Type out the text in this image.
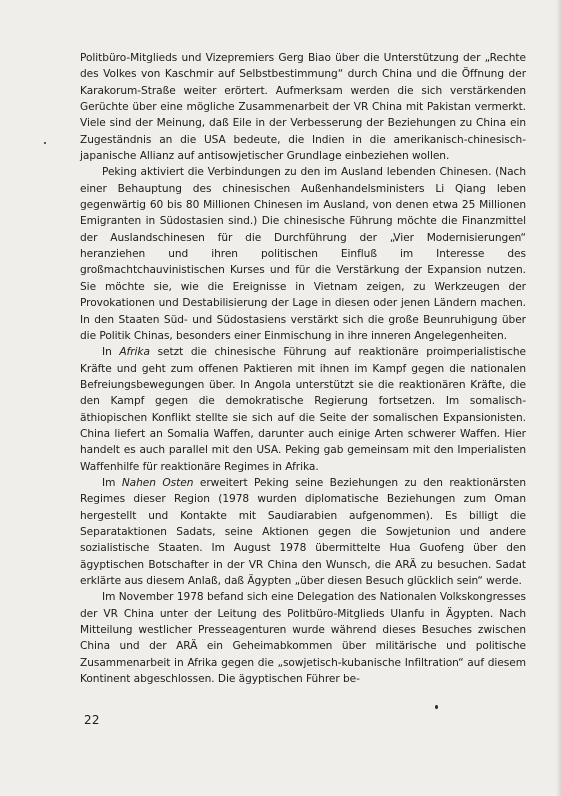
Politbüro-Mitglieds und Vizepremiers Gerg Biao über die Unterstützung der „Rechte des Volkes von Kaschmir auf Selbstbestimmung“ durch China und die Öffnung der Karakorum-Straße weiter erörtert. Aufmerksam werden die sich verstärkenden Gerüchte über eine mögliche Zusammenarbeit der VR China mit Pakistan vermerkt. Viele sind der Meinung, daß Eile in der Verbesserung der Beziehungen zu China ein Zugeständnis an die USA bedeute, die Indien in die amerikanisch-chinesisch-japanische Allianz auf antisowjetischer Grundlage einbeziehen wollen.

Peking aktiviert die Verbindungen zu den im Ausland lebenden Chinesen. (Nach einer Behauptung des chinesischen Außenhandelsministers Li Qiang leben gegenwärtig 60 bis 80 Millionen Chinesen im Ausland, von denen etwa 25 Millionen Emigranten in Südostasien sind.) Die chinesische Führung möchte die Finanzmittel der Auslandschinesen für die Durchführung der „Vier Modernisierungen“ heranziehen und ihren politischen Einfluß im Interesse des großmachtchauvinistischen Kurses und für die Verstärkung der Expansion nutzen. Sie möchte sie, wie die Ereignisse in Vietnam zeigen, zu Werkzeugen der Provokationen und Destabilisierung der Lage in diesen oder jenen Ländern machen. In den Staaten Süd- und Südostasiens verstärkt sich die große Beunruhigung über die Politik Chinas, besonders einer Einmischung in ihre inneren Angelegenheiten.

In Afrika setzt die chinesische Führung auf reaktionäre proimperialistische Kräfte und geht zum offenen Paktieren mit ihnen im Kampf gegen die nationalen Befreiungsbewegungen über. In Angola unterstützt sie die reaktionären Kräfte, die den Kampf gegen die demokratische Regierung fortsetzen. Im somalisch-äthiopischen Konflikt stellte sie sich auf die Seite der somalischen Expansionisten. China liefert an Somalia Waffen, darunter auch einige Arten schwerer Waffen. Hier handelt es auch parallel mit den USA. Peking gab gemeinsam mit den Imperialisten Waffenhilfe für reaktionäre Regimes in Afrika.

Im Nahen Osten erweitert Peking seine Beziehungen zu den reaktionärsten Regimes dieser Region (1978 wurden diplomatische Beziehungen zum Oman hergestellt und Kontakte mit Saudiarabien aufgenommen). Es billigt die Separataktionen Sadats, seine Aktionen gegen die Sowjetunion und andere sozialistische Staaten. Im August 1978 übermittelte Hua Guofeng über den ägyptischen Botschafter in der VR China den Wunsch, die ARÄ zu besuchen. Sadat erklärte aus diesem Anlaß, daß Ägypten „über diesen Besuch glücklich sein“ werde.

Im November 1978 befand sich eine Delegation des Nationalen Volkskongresses der VR China unter der Leitung des Politbüro-Mitglieds Ulanfu in Ägypten. Nach Mitteilung westlicher Presseagenturen wurde während dieses Besuches zwischen China und der ARÄ ein Geheimabkommen über militärische und politische Zusammenarbeit in Afrika gegen die „sowjetisch-kubanische Infiltration“ auf diesem Kontinent abgeschlossen. Die ägyptischen Führer be-

22
